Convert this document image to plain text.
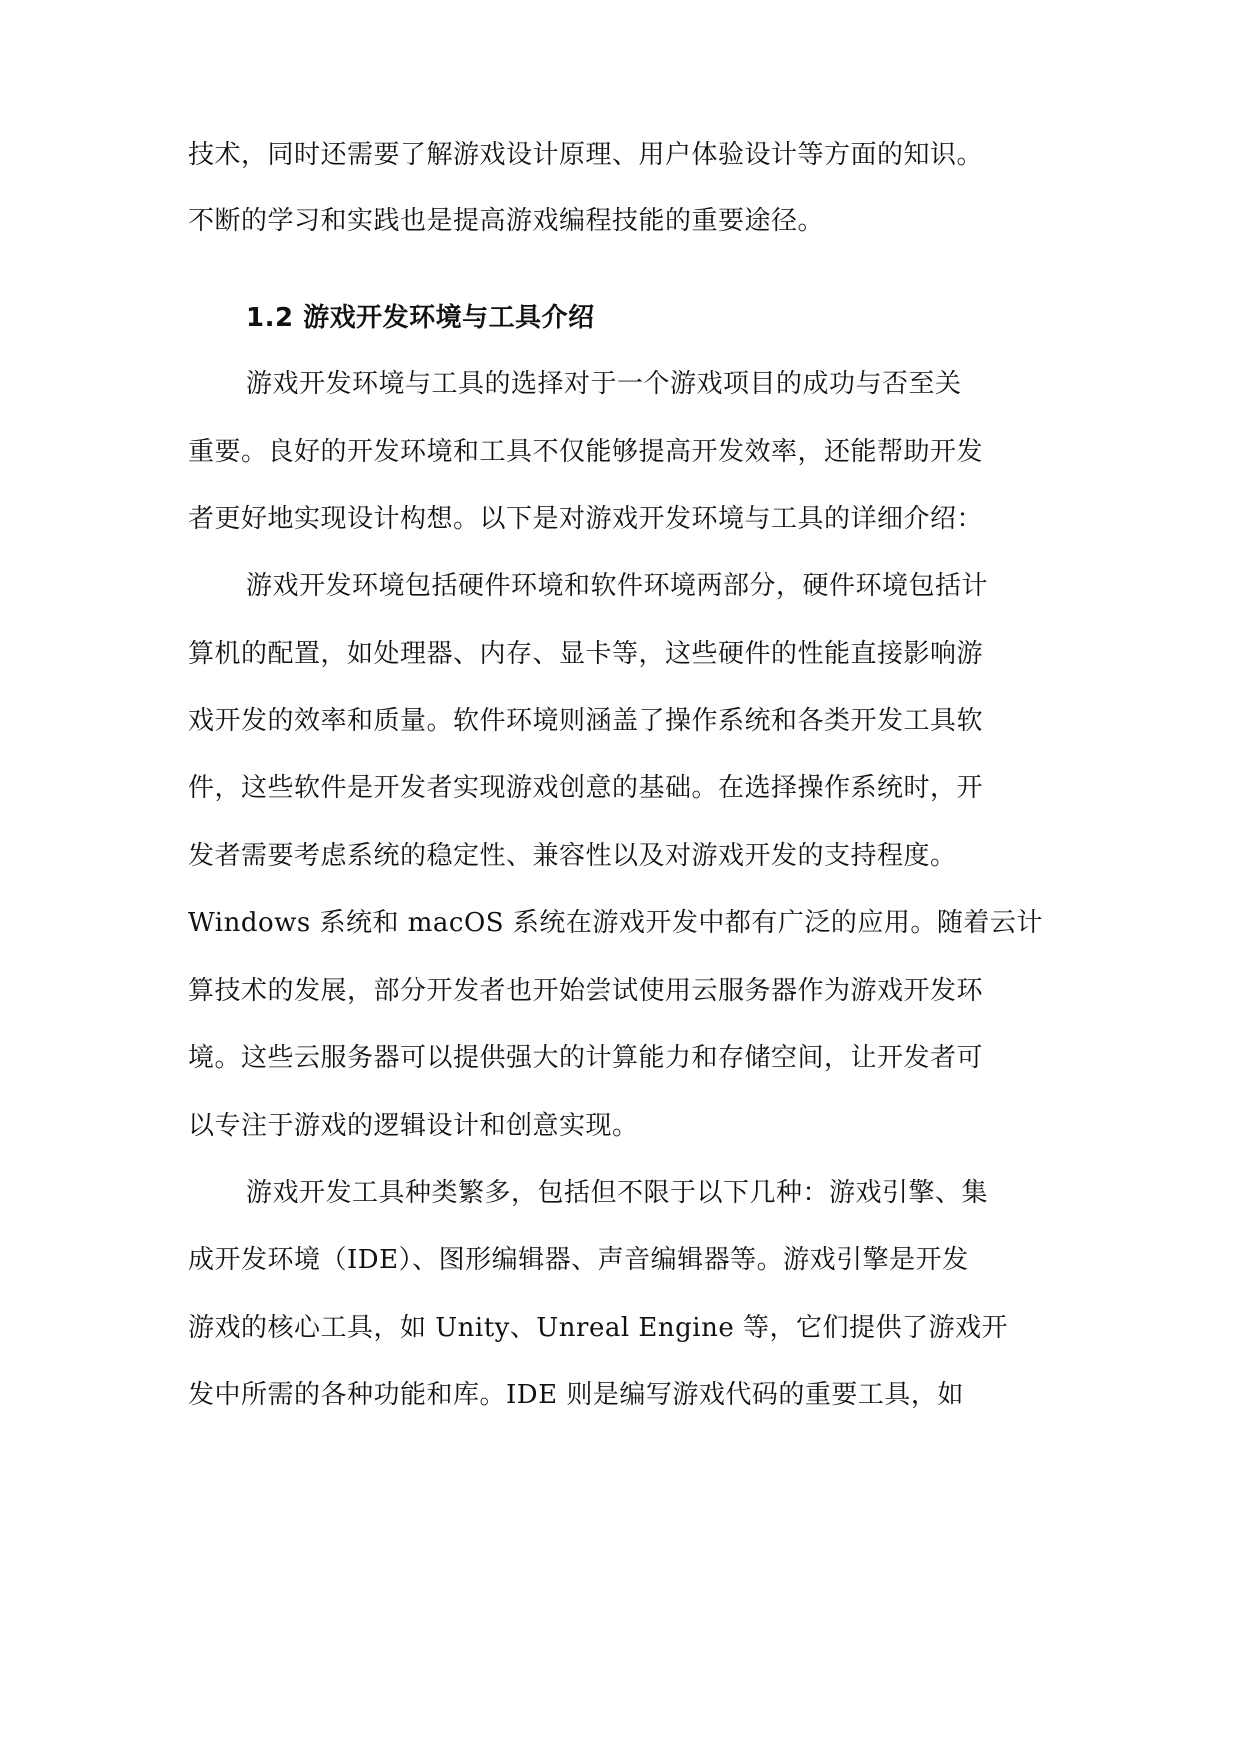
技术，同时还需要了解游戏设计原理、用户体验设计等方面的知识。
不断的学习和实践也是提高游戏编程技能的重要途径。
1.2 游戏开发环境与工具介绍
游戏开发环境与工具的选择对于一个游戏项目的成功与否至关
重要。良好的开发环境和工具不仅能够提高开发效率，还能帮助开发
者更好地实现设计构想。以下是对游戏开发环境与工具的详细介绍：
游戏开发环境包括硬件环境和软件环境两部分，硬件环境包括计
算机的配置，如处理器、内存、显卡等，这些硬件的性能直接影响游
戏开发的效率和质量。软件环境则涵盖了操作系统和各类开发工具软
件，这些软件是开发者实现游戏创意的基础。在选择操作系统时，开
发者需要考虑系统的稳定性、兼容性以及对游戏开发的支持程度。
Windows 系统和 macOS 系统在游戏开发中都有广泛的应用。随着云计
算技术的发展，部分开发者也开始尝试使用云服务器作为游戏开发环
境。这些云服务器可以提供强大的计算能力和存储空间，让开发者可
以专注于游戏的逻辑设计和创意实现。
游戏开发工具种类繁多，包括但不限于以下几种：游戏引擎、集
成开发环境（IDE）、图形编辑器、声音编辑器等。游戏引擎是开发
游戏的核心工具，如 Unity、Unreal Engine 等，它们提供了游戏开
发中所需的各种功能和库。IDE 则是编写游戏代码的重要工具，如
